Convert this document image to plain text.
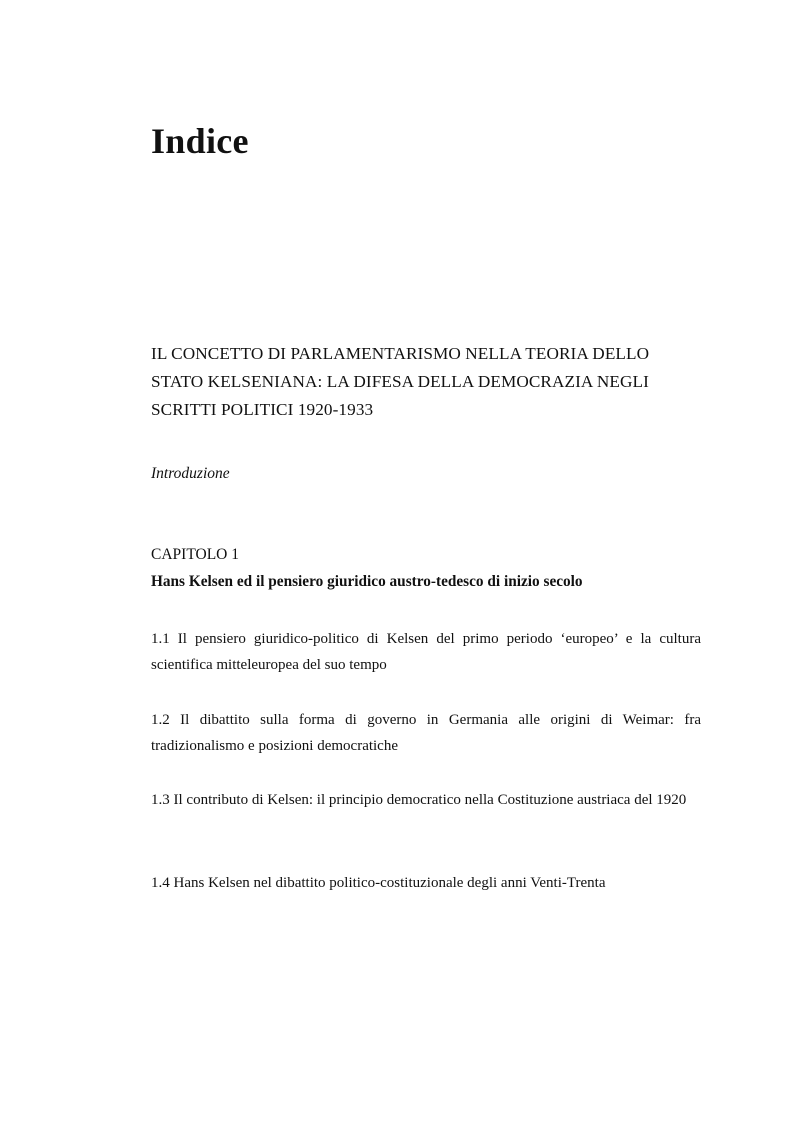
Indice
IL CONCETTO DI PARLAMENTARISMO NELLA TEORIA DELLO STATO KELSENIANA: LA DIFESA DELLA DEMOCRAZIA NEGLI SCRITTI POLITICI 1920-1933
Introduzione
CAPITOLO 1
Hans Kelsen ed il pensiero giuridico austro-tedesco di inizio secolo
1.1 Il pensiero giuridico-politico di Kelsen del primo periodo ‘europeo’ e la cultura scientifica mitteleuropea del suo tempo
1.2 Il dibattito sulla forma di governo in Germania alle origini di Weimar: fra tradizionalismo e posizioni democratiche
1.3 Il contributo di Kelsen: il principio democratico nella Costituzione austriaca del 1920
1.4 Hans Kelsen nel dibattito politico-costituzionale degli anni Venti-Trenta
